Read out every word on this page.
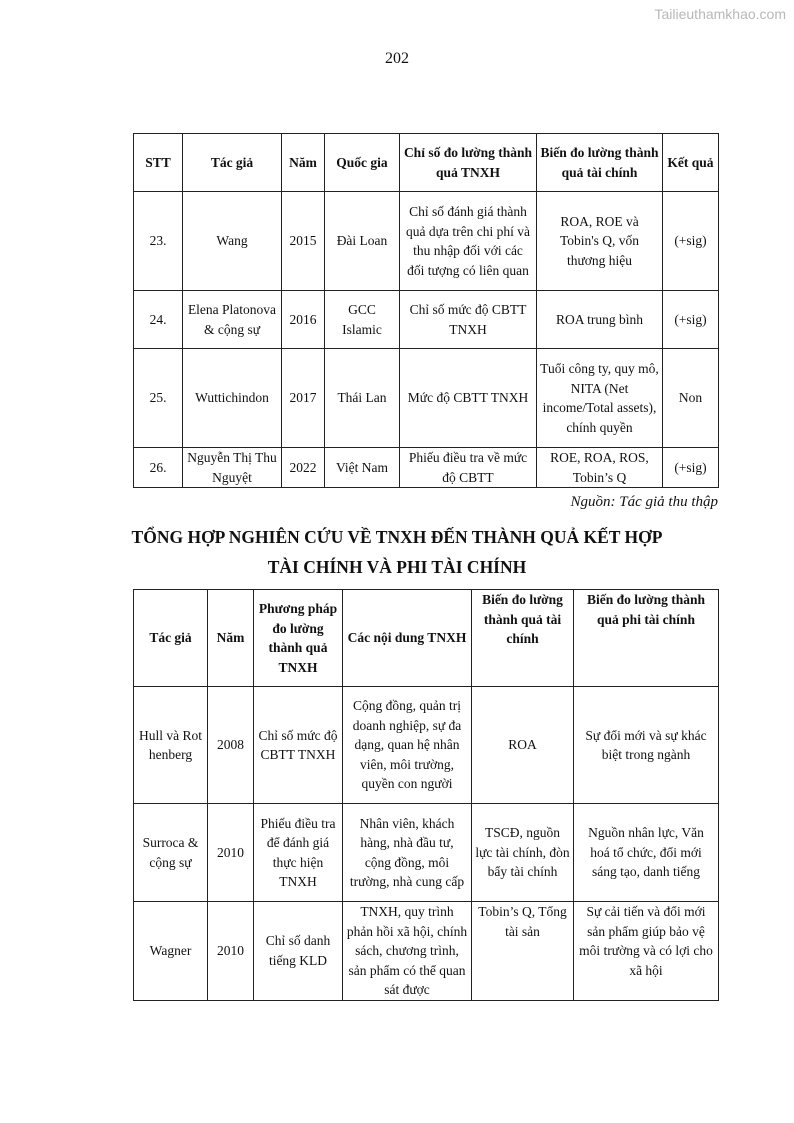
Tailieuthamkhao.com
202
STT	Tác giả	Năm	Quốc gia	Chỉ số đo lường thành quả TNXH	Biến đo lường thành quả tài chính	Kết quả
23.	Wang	2015	Đài Loan	Chỉ số đánh giá thành quả dựa trên chi phí và thu nhập đối với các đối tượng có liên quan	ROA, ROE và Tobin's Q, vốn thương hiệu	(+sig)
24.	Elena Platonova & cộng sự	2016	GCC Islamic	Chỉ số mức độ CBTT TNXH	ROA trung bình	(+sig)
25.	Wuttichindon	2017	Thái Lan	Mức độ CBTT TNXH	Tuổi công ty, quy mô, NITA (Net income/Total assets), chính quyền	Non
26.	Nguyễn Thị Thu Nguyệt	2022	Việt Nam	Phiếu điều tra về mức độ CBTT	ROE, ROA, ROS, Tobin’s Q	(+sig)
Nguồn: Tác giả thu thập
TỔNG HỢP NGHIÊN CỨU VỀ TNXH ĐẾN THÀNH QUẢ KẾT HỢP
TÀI CHÍNH VÀ PHI TÀI CHÍNH
Tác giả	Năm	Phương pháp đo lường thành quả TNXH	Các nội dung TNXH	Biến đo lường thành quả tài chính	Biến đo lường thành quả phi tài chính
Hull và Rothenberg	2008	Chỉ số mức độ CBTT TNXH	Cộng đồng, quản trị doanh nghiệp, sự đa dạng, quan hệ nhân viên, môi trường, quyền con người	ROA	Sự đổi mới và sự khác biệt trong ngành
Surroca & cộng sự	2010	Phiếu điều tra để đánh giá thực hiện TNXH	Nhân viên, khách hàng, nhà đầu tư, cộng đồng, môi trường, nhà cung cấp	TSCĐ, nguồn lực tài chính, đòn bẩy tài chính	Nguồn nhân lực, Văn hoá tổ chức, đổi mới sáng tạo, danh tiếng
Wagner	2010	Chỉ số danh tiếng KLD	TNXH, quy trình phản hồi xã hội, chính sách, chương trình, sản phẩm có thể quan sát được	Tobin’s Q, Tổng tài sản	Sự cải tiến và đổi mới sản phẩm giúp bảo vệ môi trường và có lợi cho xã hội
